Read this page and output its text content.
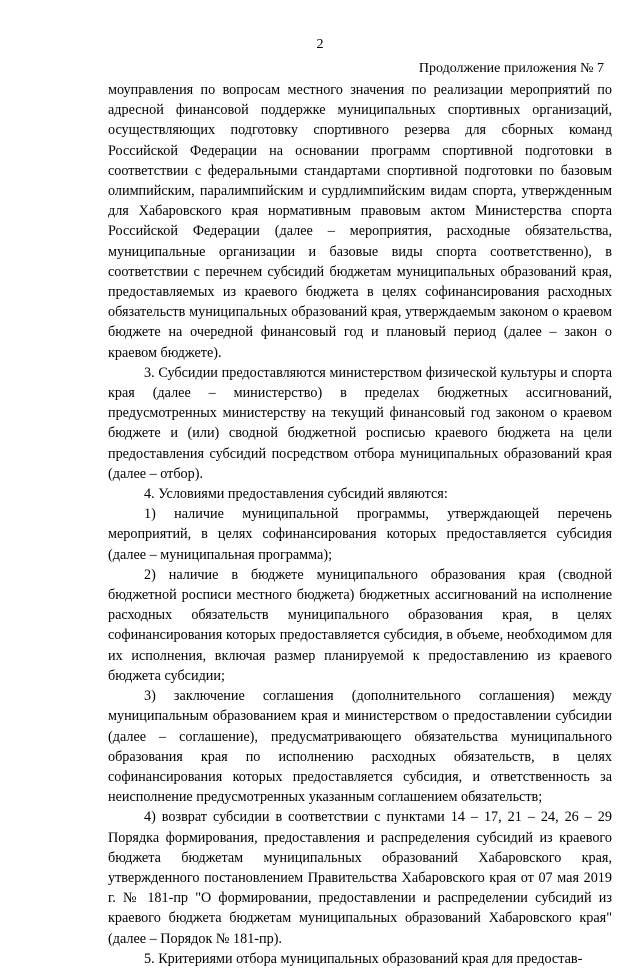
2
Продолжение приложения № 7

моуправления по вопросам местного значения по реализации мероприятий по адресной финансовой поддержке муниципальных спортивных организаций, осуществляющих подготовку спортивного резерва для сборных команд Российской Федерации на основании программ спортивной подготовки в соответствии с федеральными стандартами спортивной подготовки по базовым олимпийским, паралимпийским и сурдлимпийским видам спорта, утвержденным для Хабаровского края нормативным правовым актом Министерства спорта Российской Федерации (далее – мероприятия, расходные обязательства, муниципальные организации и базовые виды спорта соответственно), в соответствии с перечнем субсидий бюджетам муниципальных образований края, предоставляемых из краевого бюджета в целях софинансирования расходных обязательств муниципальных образований края, утверждаемым законом о краевом бюджете на очередной финансовый год и плановый период (далее – закон о краевом бюджете).

3. Субсидии предоставляются министерством физической культуры и спорта края (далее – министерство) в пределах бюджетных ассигнований, предусмотренных министерству на текущий финансовый год законом о краевом бюджете и (или) сводной бюджетной росписью краевого бюджета на цели предоставления субсидий посредством отбора муниципальных образований края (далее – отбор).

4. Условиями предоставления субсидий являются:

1) наличие муниципальной программы, утверждающей перечень мероприятий, в целях софинансирования которых предоставляется субсидия (далее – муниципальная программа);

2) наличие в бюджете муниципального образования края (сводной бюджетной росписи местного бюджета) бюджетных ассигнований на исполнение расходных обязательств муниципального образования края, в целях софинансирования которых предоставляется субсидия, в объеме, необходимом для их исполнения, включая размер планируемой к предоставлению из краевого бюджета субсидии;

3) заключение соглашения (дополнительного соглашения) между муниципальным образованием края и министерством о предоставлении субсидии (далее – соглашение), предусматривающего обязательства муниципального образования края по исполнению расходных обязательств, в целях софинансирования которых предоставляется субсидия, и ответственность за неисполнение предусмотренных указанным соглашением обязательств;

4) возврат субсидии в соответствии с пунктами 14 – 17, 21 – 24, 26 – 29 Порядка формирования, предоставления и распределения субсидий из краевого бюджета бюджетам муниципальных образований Хабаровского края, утвержденного постановлением Правительства Хабаровского края от 07 мая 2019 г. № 181-пр "О формировании, предоставлении и распределении субсидий из краевого бюджета бюджетам муниципальных образований Хабаровского края" (далее – Порядок № 181-пр).

5. Критериями отбора муниципальных образований края для предостав-
